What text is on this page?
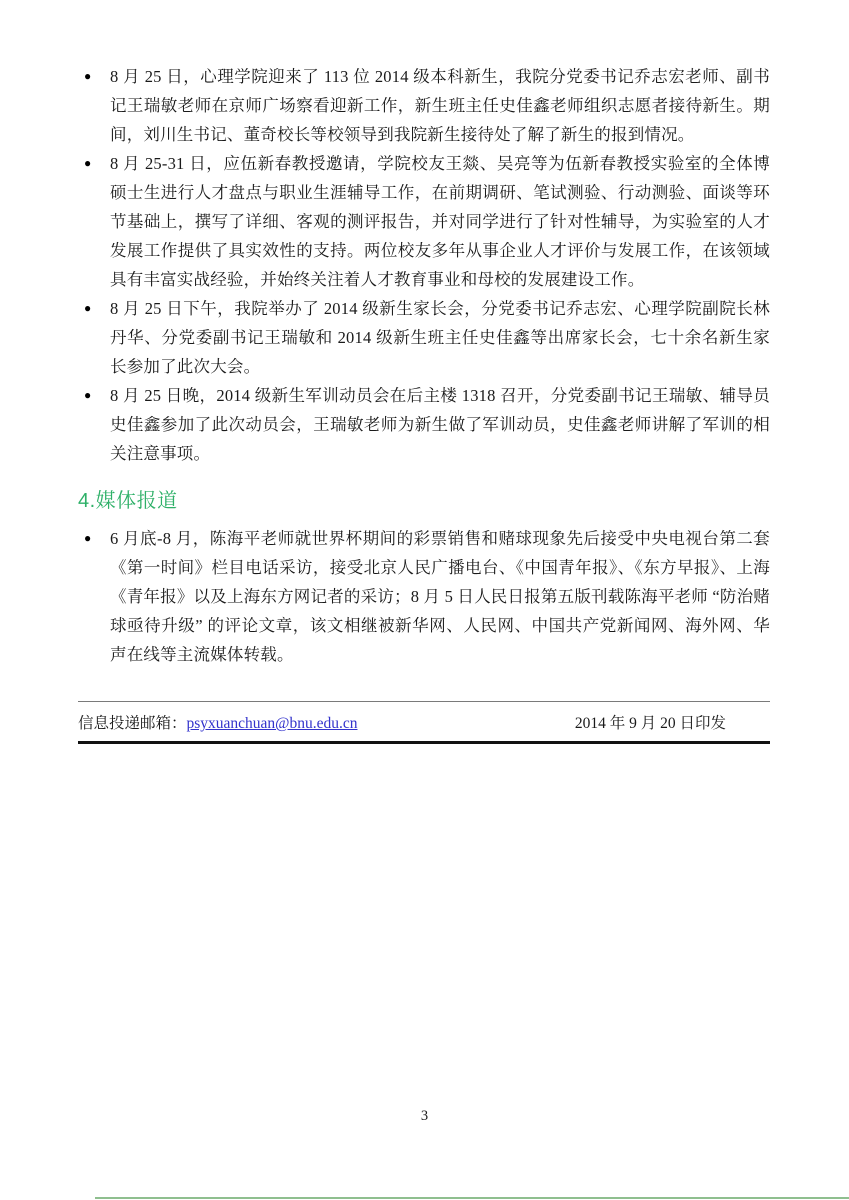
●	8 月 25 日，心理学院迎来了 113 位 2014 级本科新生，我院分党委书记乔志宏老师、副书记王瑞敏老师在京师广场察看迎新工作，新生班主任史佳鑫老师组织志愿者接待新生。期间，刘川生书记、董奇校长等校领导到我院新生接待处了解了新生的报到情况。
●	8 月 25-31 日，应伍新春教授邀请，学院校友王燚、吴亮等为伍新春教授实验室的全体博硕士生进行人才盘点与职业生涯辅导工作，在前期调研、笔试测验、行动测验、面谈等环节基础上，撰写了详细、客观的测评报告，并对同学进行了针对性辅导，为实验室的人才发展工作提供了具实效性的支持。两位校友多年从事企业人才评价与发展工作，在该领域具有丰富实战经验，并始终关注着人才教育事业和母校的发展建设工作。
●	8 月 25 日下午，我院举办了 2014 级新生家长会，分党委书记乔志宏、心理学院副院长林丹华、分党委副书记王瑞敏和 2014 级新生班主任史佳鑫等出席家长会，七十余名新生家长参加了此次大会。
●	8 月 25 日晚，2014 级新生军训动员会在后主楼 1318 召开，分党委副书记王瑞敏、辅导员史佳鑫参加了此次动员会，王瑞敏老师为新生做了军训动员，史佳鑫老师讲解了军训的相关注意事项。
4.媒体报道
●	6 月底-8 月，陈海平老师就世界杯期间的彩票销售和赌球现象先后接受中央电视台第二套《第一时间》栏目电话采访，接受北京人民广播电台、《中国青年报》、《东方早报》、上海《青年报》以及上海东方网记者的采访；8 月 5 日人民日报第五版刊载陈海平老师 “防治赌球亟待升级” 的评论文章，该文相继被新华网、人民网、中国共产党新闻网、海外网、华声在线等主流媒体转载。
信息投递邮箱：psyxuanchuan@bnu.edu.cn	2014 年 9 月 20 日印发
3
